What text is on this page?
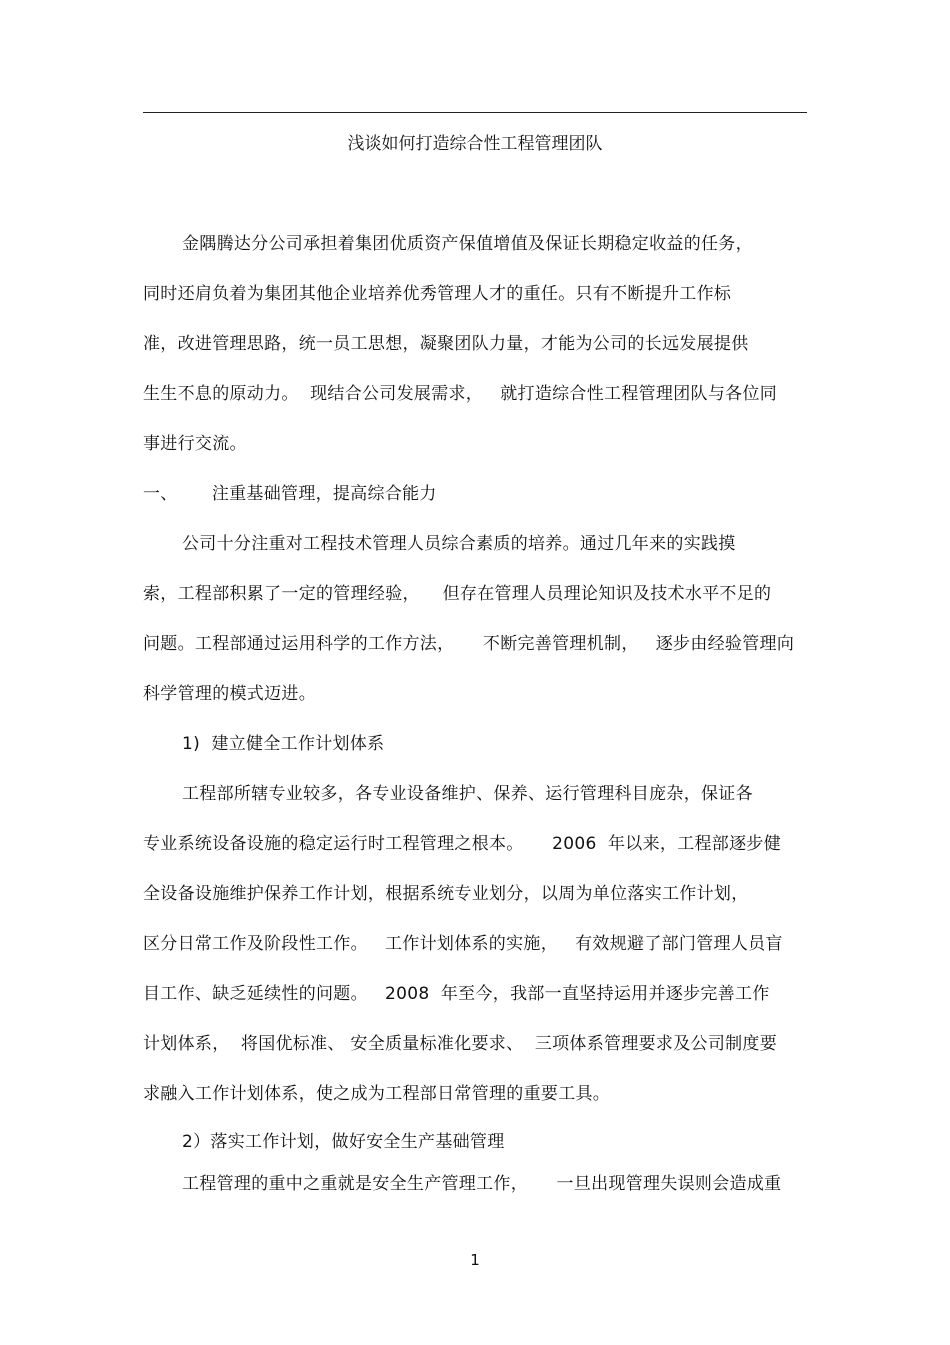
浅谈如何打造综合性工程管理团队
金隅腾达分公司承担着集团优质资产保值增值及保证长期稳定收益的任务，
同时还肩负着为集团其他企业培养优秀管理人才的重任。只有不断提升工作标
准，改进管理思路，统一员工思想，凝聚团队力量，才能为公司的长远发展提供
生生不息的原动力。  现结合公司发展需求，   就打造综合性工程管理团队与各位同
事进行交流。
一、      注重基础管理，提高综合能力
公司十分注重对工程技术管理人员综合素质的培养。通过几年来的实践摸
索，工程部积累了一定的管理经验，    但存在管理人员理论知识及技术水平不足的
问题。工程部通过运用科学的工作方法，     不断完善管理机制，   逐步由经验管理向
科学管理的模式迈进。
1)  建立健全工作计划体系
工程部所辖专业较多，各专业设备维护、保养、运行管理科目庞杂，保证各
专业系统设备设施的稳定运行时工程管理之根本。     2006  年以来，工程部逐步健
全设备设施维护保养工作计划，根据系统专业划分，以周为单位落实工作计划，
区分日常工作及阶段性工作。   工作计划体系的实施，   有效规避了部门管理人员盲
目工作、缺乏延续性的问题。   2008  年至今，我部一直坚持运用并逐步完善工作
计划体系，  将国优标准、 安全质量标准化要求、  三项体系管理要求及公司制度要
求融入工作计划体系，使之成为工程部日常管理的重要工具。
2）落实工作计划，做好安全生产基础管理
工程管理的重中之重就是安全生产管理工作，     一旦出现管理失误则会造成重
1
